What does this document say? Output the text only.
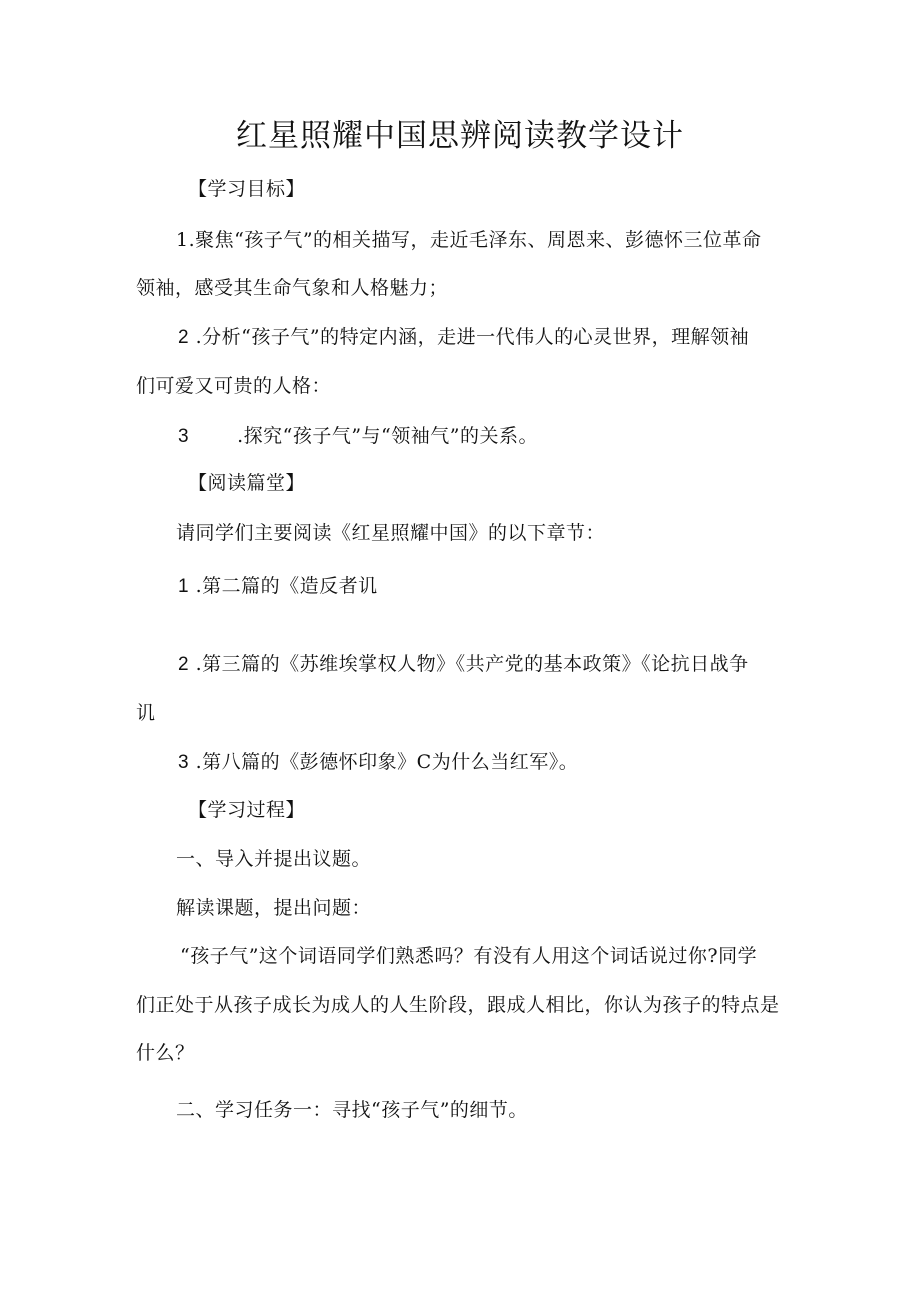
红星照耀中国思辨阅读教学设计
【学习目标】
1.聚焦“孩子气”的相关描写，走近毛泽东、周恩来、彭德怀三位革命
领袖，感受其生命气象和人格魅力；
2 .分析“孩子气”的特定内涵，走进一代伟人的心灵世界，理解领袖
们可爱又可贵的人格：
3	.探究“孩子气”与“领袖气”的关系。
【阅读篇堂】
请同学们主要阅读《红星照耀中国》的以下章节：
1 .第二篇的《造反者讥
2 .第三篇的《苏维埃掌权人物》《共产党的基本政策》《论抗日战争
讥
3 .第八篇的《彭德怀印象》C为什么当红军》。
【学习过程】
一、导入并提出议题。
解读课题，提出问题：
“孩子气”这个词语同学们熟悉吗？有没有人用这个词话说过你?同学
们正处于从孩子成长为成人的人生阶段，跟成人相比，你认为孩子的特点是
什么？
二、学习任务一：寻找“孩子气”的细节。
